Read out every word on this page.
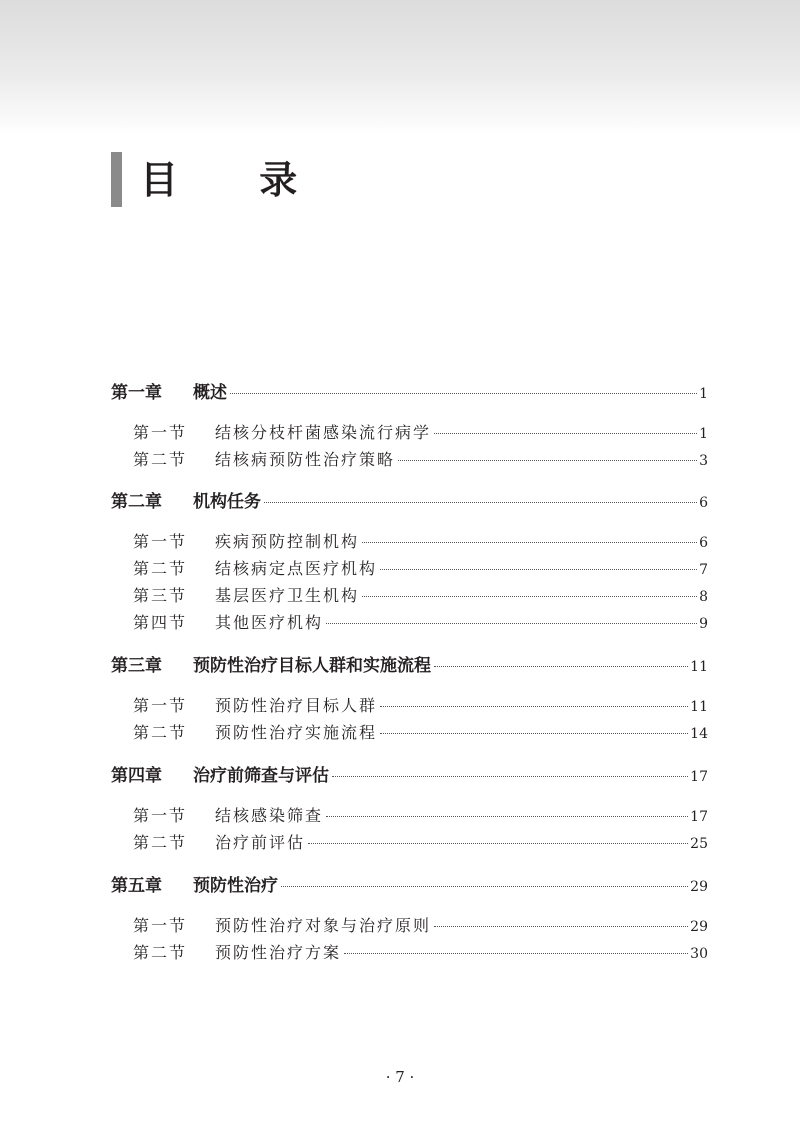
目 录
第一章	概述	1
第一节	结核分枝杆菌感染流行病学	1
第二节	结核病预防性治疗策略	3
第二章	机构任务	6
第一节	疾病预防控制机构	6
第二节	结核病定点医疗机构	7
第三节	基层医疗卫生机构	8
第四节	其他医疗机构	9
第三章	预防性治疗目标人群和实施流程	11
第一节	预防性治疗目标人群	11
第二节	预防性治疗实施流程	14
第四章	治疗前筛查与评估	17
第一节	结核感染筛查	17
第二节	治疗前评估	25
第五章	预防性治疗	29
第一节	预防性治疗对象与治疗原则	29
第二节	预防性治疗方案	30
· 7 ·
